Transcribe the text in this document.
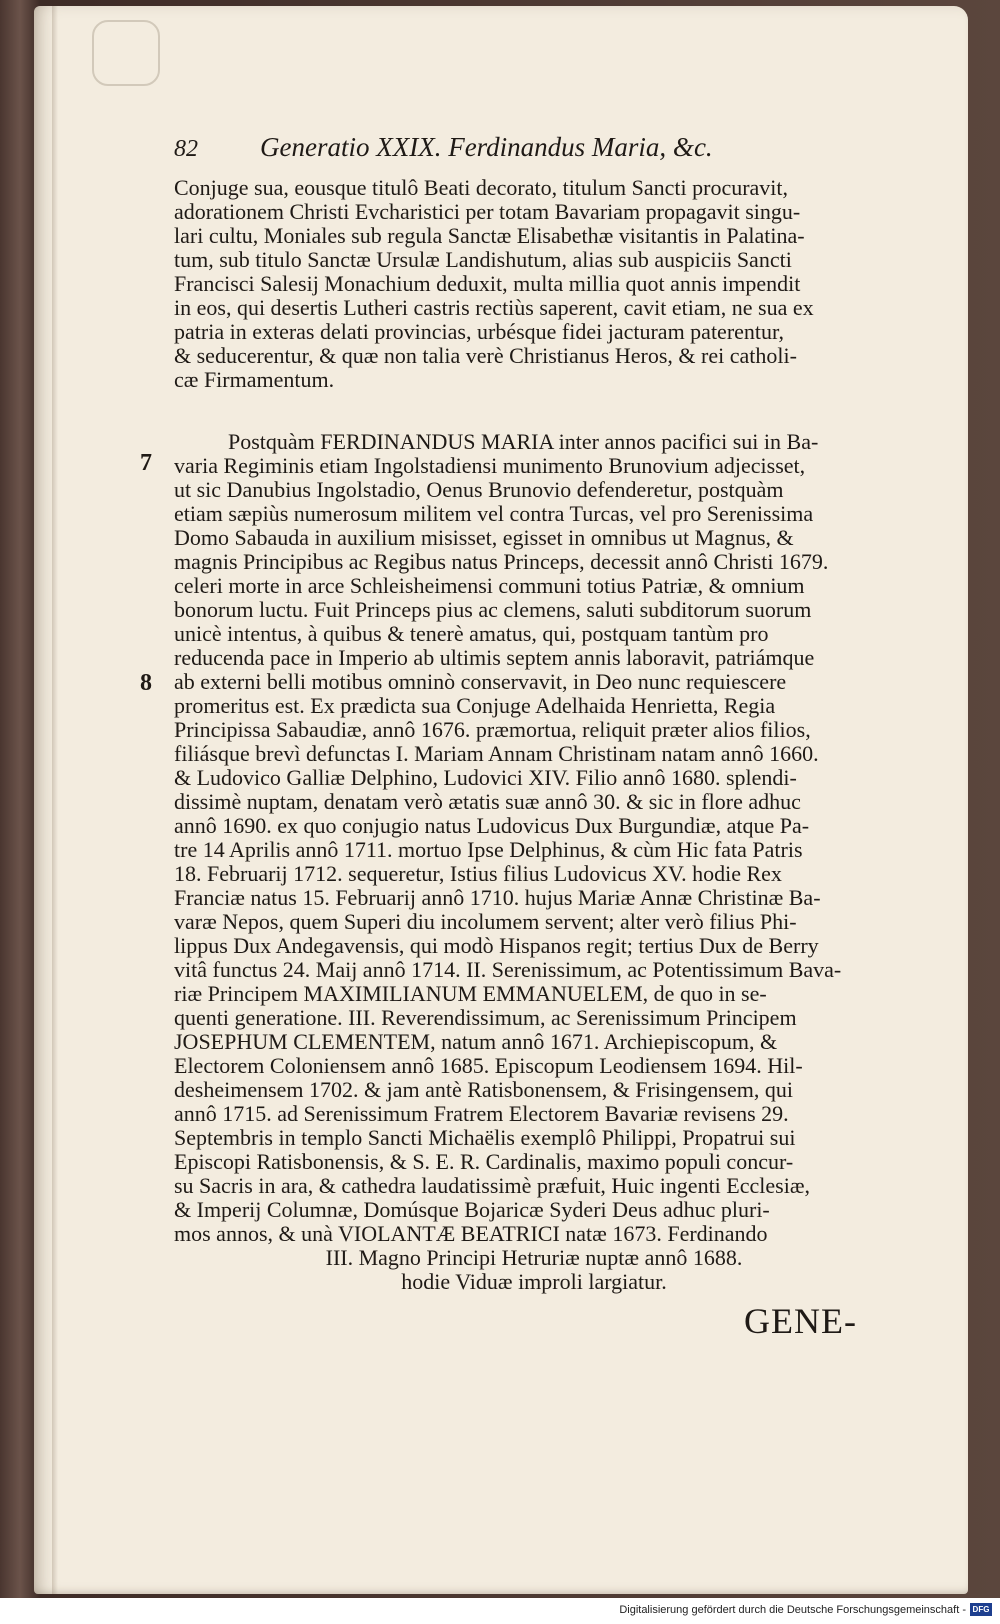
82 Generatio XXIX. Ferdinandus Maria, &c.

Conjuge sua, eousque titulô Beati decorato, titulum Sancti procuravit,

adorationem Christi Evcharistici per totam Bavariam propagavit singu-

lari cultu, Moniales sub regula Sanctæ Elisabethæ visitantis in Palatina-

tum, sub titulo Sanctæ Ursulæ Landishutum, alias sub auspiciis Sancti

Francisci Salesij Monachium deduxit, multa millia quot annis impendit

in eos, qui desertis Lutheri castris rectiùs saperent, cavit etiam, ne sua ex

patria in exteras delati provincias, urbésque fidei jacturam paterentur,

& seducerentur, & quæ non talia verè Christianus Heros, & rei catholi-

cæ Firmamentum.

Postquàm FERDINANDUS MARIA inter annos pacifici sui in Ba-

varia Regiminis etiam Ingolstadiensi munimento Brunovium adjecisset,

ut sic Danubius Ingolstadio, Oenus Brunovio defenderetur, postquàm

etiam sæpiùs numerosum militem vel contra Turcas, vel pro Serenissima

Domo Sabauda in auxilium misisset, egisset in omnibus ut Magnus, &

magnis Principibus ac Regibus natus Princeps, decessit annô Christi 1679.

celeri morte in arce Schleisheimensi communi totius Patriæ, & omnium

bonorum luctu. Fuit Princeps pius ac clemens, saluti subditorum suorum

unicè intentus, à quibus & tenerè amatus, qui, postquam tantùm pro

reducenda pace in Imperio ab ultimis septem annis laboravit, patriámque

ab externi belli motibus omninò conservavit, in Deo nunc requiescere

promeritus est. Ex prædicta sua Conjuge Adelhaida Henrietta, Regia

Principissa Sabaudiæ, annô 1676. præmortua, reliquit præter alios filios,

filiásque brevì defunctas I. Mariam Annam Christinam natam annô 1660.

& Ludovico Galliæ Delphino, Ludovici XIV. Filio annô 1680. splendi-

dissimè nuptam, denatam verò ætatis suæ annô 30. & sic in flore adhuc

annô 1690. ex quo conjugio natus Ludovicus Dux Burgundiæ, atque Pa-

tre 14 Aprilis annô 1711. mortuo Ipse Delphinus, & cùm Hic fata Patris

18. Februarij 1712. sequeretur, Istius filius Ludovicus XV. hodie Rex

Franciæ natus 15. Februarij annô 1710. hujus Mariæ Annæ Christinæ Ba-

varæ Nepos, quem Superi diu incolumem servent; alter verò filius Phi-

lippus Dux Andegavensis, qui modò Hispanos regit; tertius Dux de Berry

vitâ functus 24. Maij annô 1714. II. Serenissimum, ac Potentissimum Bava-

riæ Principem MAXIMILIANUM EMMANUELEM, de quo in se-

quenti generatione. III. Reverendissimum, ac Serenissimum Principem

JOSEPHUM CLEMENTEM, natum annô 1671. Archiepiscopum, &

Electorem Coloniensem annô 1685. Episcopum Leodiensem 1694. Hil-

desheimensem 1702. & jam antè Ratisbonensem, & Frisingensem, qui

annô 1715. ad Serenissimum Fratrem Electorem Bavariæ revisens 29.

Septembris in templo Sancti Michaëlis exemplô Philippi, Propatrui sui

Episcopi Ratisbonensis, & S. E. R. Cardinalis, maximo populi concur-

su Sacris in ara, & cathedra laudatissimè præfuit, Huic ingenti Ecclesiæ,

& Imperij Columnæ, Domúsque Bojaricæ Syderi Deus adhuc pluri-

mos annos, & unà VIOLANTÆ BEATRICI natæ 1673. Ferdinando

III. Magno Principi Hetruriæ nuptæ annô 1688.

hodie Viduæ improli largiatur.

7
8
GENE-
Digitalisierung gefördert durch die Deutsche Forschungsgemeinschaft - DFG
